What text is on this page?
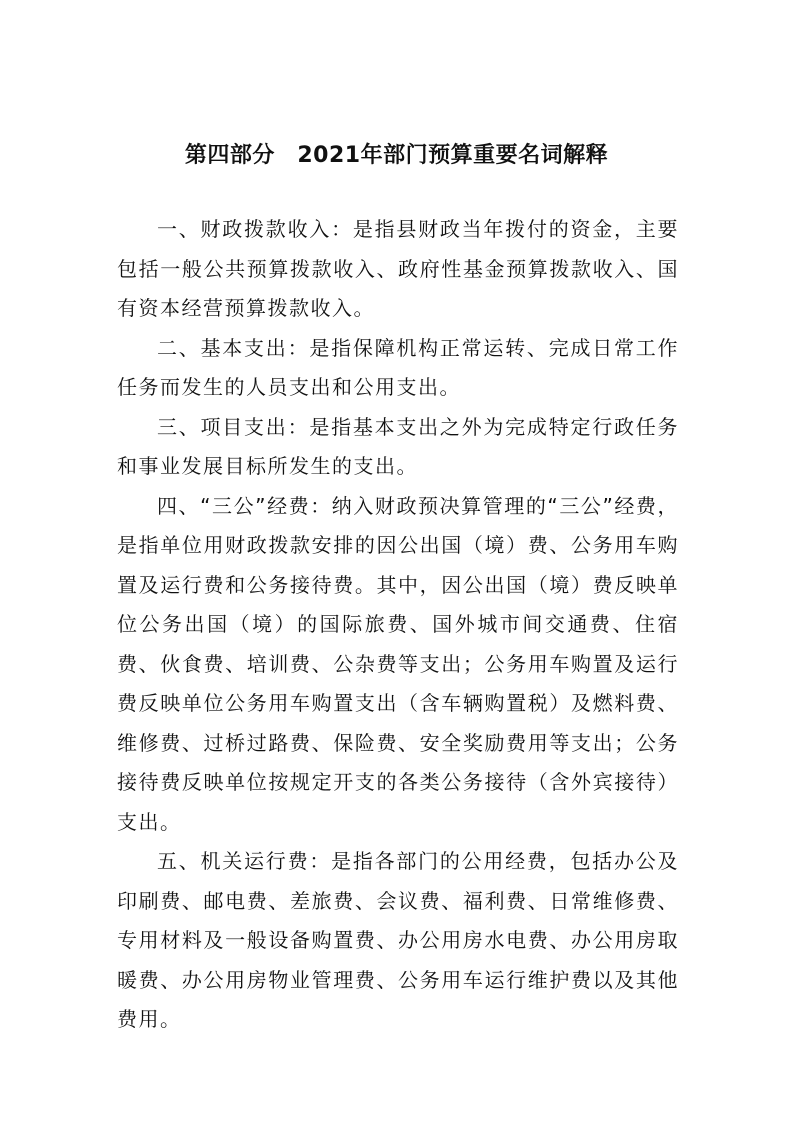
第四部分　2021年部门预算重要名词解释

一、财政拨款收入：是指县财政当年拨付的资金，主要包括一般公共预算拨款收入、政府性基金预算拨款收入、国有资本经营预算拨款收入。

二、基本支出：是指保障机构正常运转、完成日常工作任务而发生的人员支出和公用支出。

三、项目支出：是指基本支出之外为完成特定行政任务和事业发展目标所发生的支出。

四、“三公”经费：纳入财政预决算管理的“三公”经费，是指单位用财政拨款安排的因公出国（境）费、公务用车购置及运行费和公务接待费。其中，因公出国（境）费反映单位公务出国（境）的国际旅费、国外城市间交通费、住宿费、伙食费、培训费、公杂费等支出；公务用车购置及运行费反映单位公务用车购置支出（含车辆购置税）及燃料费、维修费、过桥过路费、保险费、安全奖励费用等支出；公务接待费反映单位按规定开支的各类公务接待（含外宾接待）支出。

五、机关运行费：是指各部门的公用经费，包括办公及印刷费、邮电费、差旅费、会议费、福利费、日常维修费、专用材料及一般设备购置费、办公用房水电费、办公用房取暖费、办公用房物业管理费、公务用车运行维护费以及其他费用。
